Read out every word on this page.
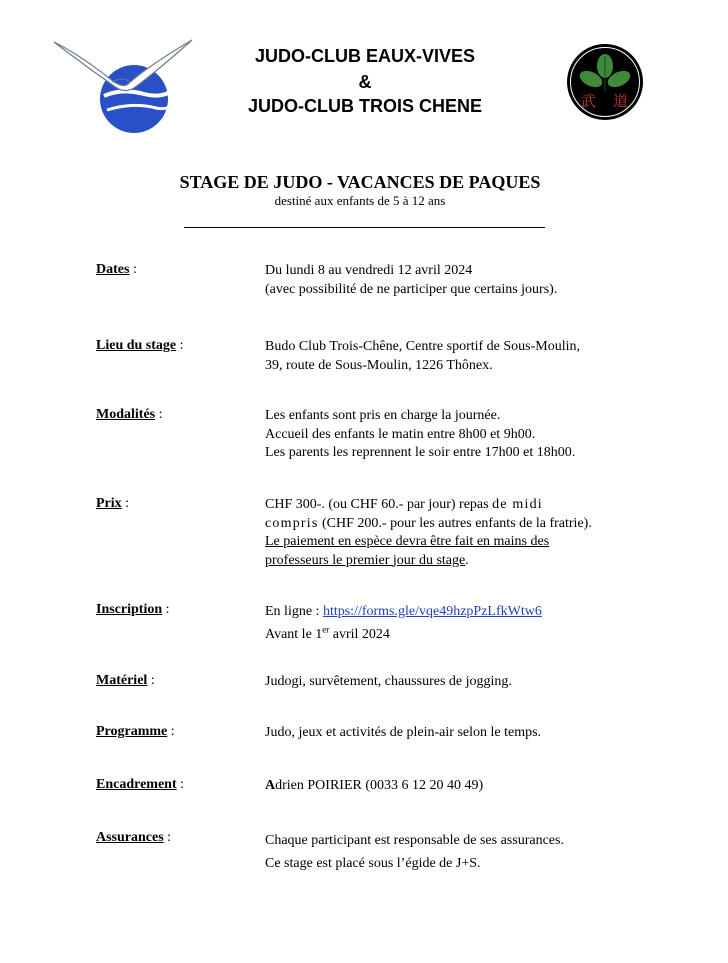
JUDO-CLUB EAUX-VIVES
&
JUDO-CLUB TROIS CHENE	武 道
STAGE DE JUDO - VACANCES DE PAQUES
destiné aux enfants de 5 à 12 ans
Dates :	Du lundi 8 au vendredi 12 avril 2024
(avec possibilité de ne participer que certains jours).
Lieu du stage :	Budo Club Trois-Chêne, Centre sportif de Sous-Moulin,
39, route de Sous-Moulin, 1226 Thônex.
Modalités :	Les enfants sont pris en charge la journée.
Accueil des enfants le matin entre 8h00 et 9h00.
Les parents les reprennent le soir entre 17h00 et 18h00.
Prix :	CHF 300-. (ou CHF 60.- par jour) repas de midi
compris (CHF 200.- pour les autres enfants de la fratrie).
Le paiement en espèce devra être fait en mains des
professeurs le premier jour du stage.
Inscription :	En ligne : https://forms.gle/vqe49hzpPzLfkWtw6
Avant le 1er avril 2024
Matériel :	Judogi, survêtement, chaussures de jogging.
Programme :	Judo, jeux et activités de plein-air selon le temps.
Encadrement :	Adrien POIRIER (0033 6 12 20 40 49)
Assurances :	Chaque participant est responsable de ses assurances.
Ce stage est placé sous l’égide de J+S.
